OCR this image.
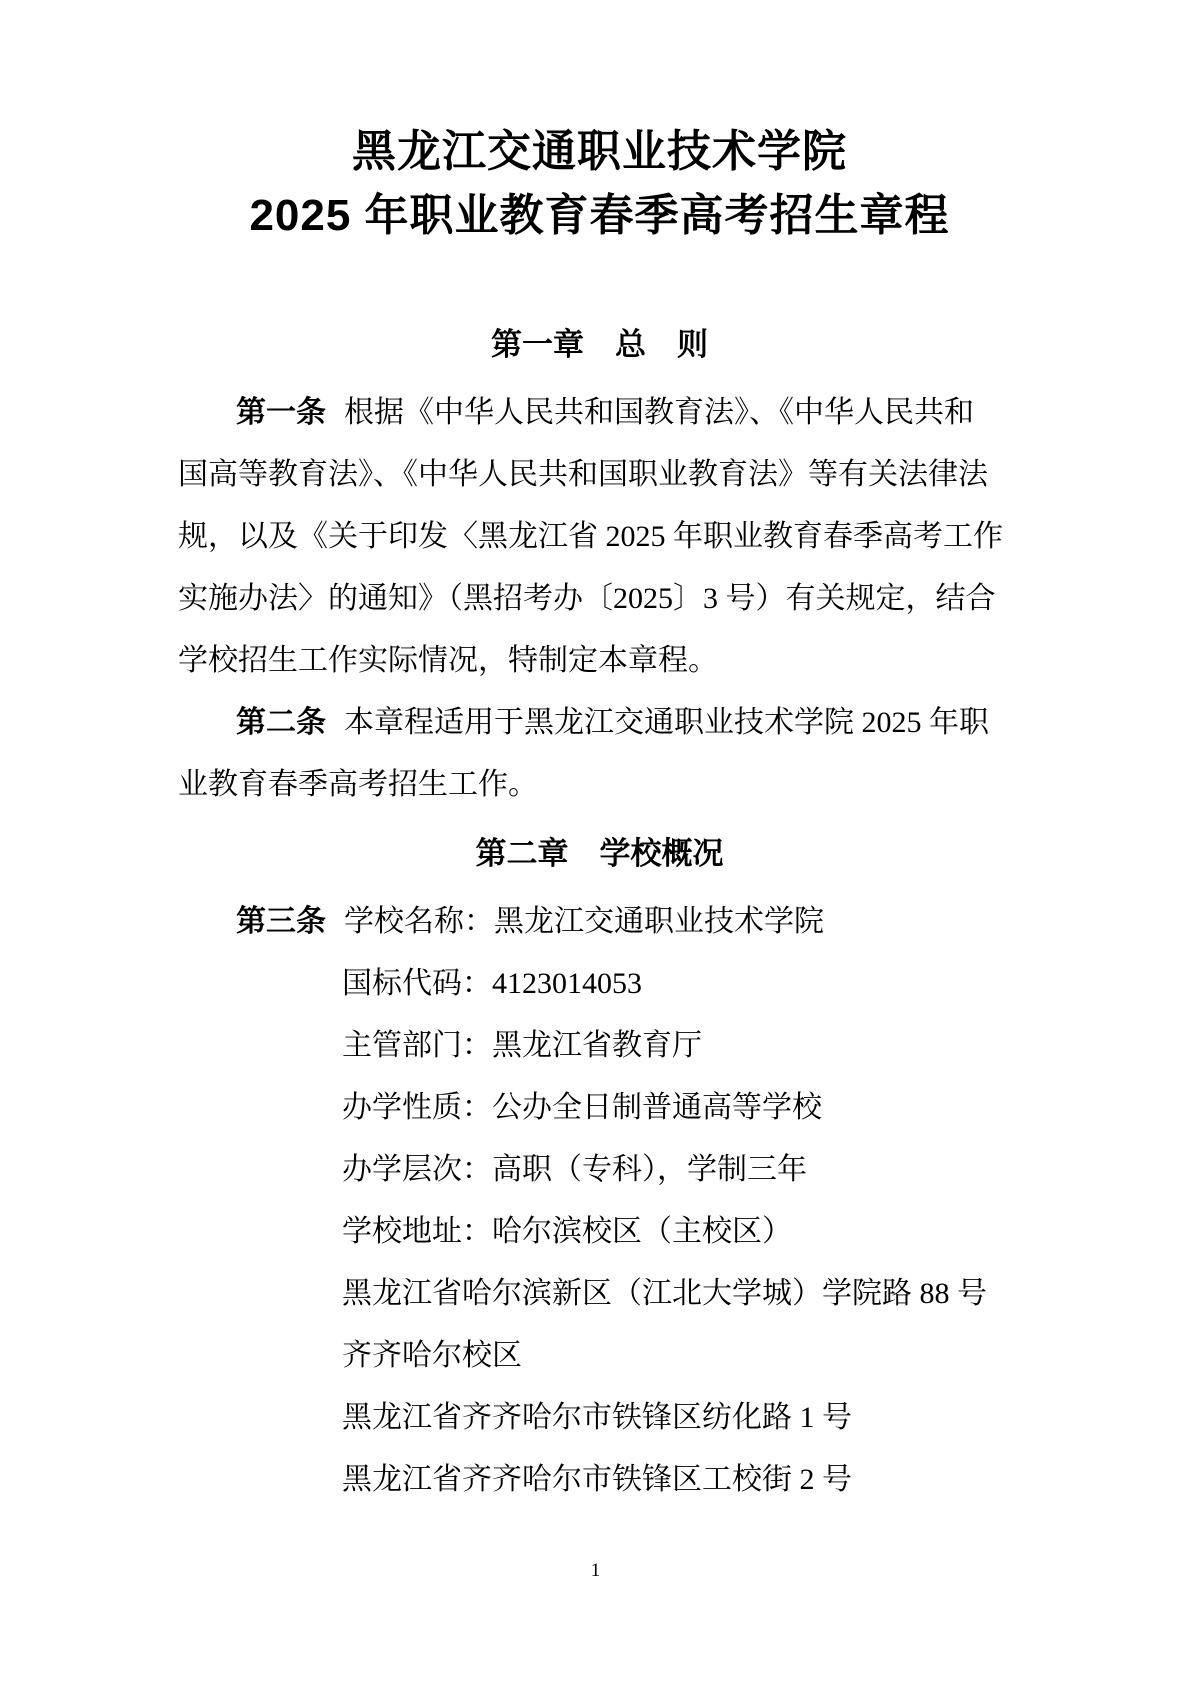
黑龙江交通职业技术学院
2025 年职业教育春季高考招生章程
第一章　总　则
第一条 根据《中华人民共和国教育法》、《中华人民共和
国高等教育法》、《中华人民共和国职业教育法》等有关法律法
规，以及《关于印发〈黑龙江省 2025 年职业教育春季高考工作
实施办法〉的通知》（黑招考办〔2025〕3 号）有关规定，结合
学校招生工作实际情况，特制定本章程。
第二条 本章程适用于黑龙江交通职业技术学院 2025 年职
业教育春季高考招生工作。
第二章　学校概况
第三条 学校名称：黑龙江交通职业技术学院
国标代码：4123014053
主管部门：黑龙江省教育厅
办学性质：公办全日制普通高等学校
办学层次：高职（专科），学制三年
学校地址：哈尔滨校区（主校区）
黑龙江省哈尔滨新区（江北大学城）学院路 88 号
齐齐哈尔校区
黑龙江省齐齐哈尔市铁锋区纺化路 1 号
黑龙江省齐齐哈尔市铁锋区工校街 2 号
1
